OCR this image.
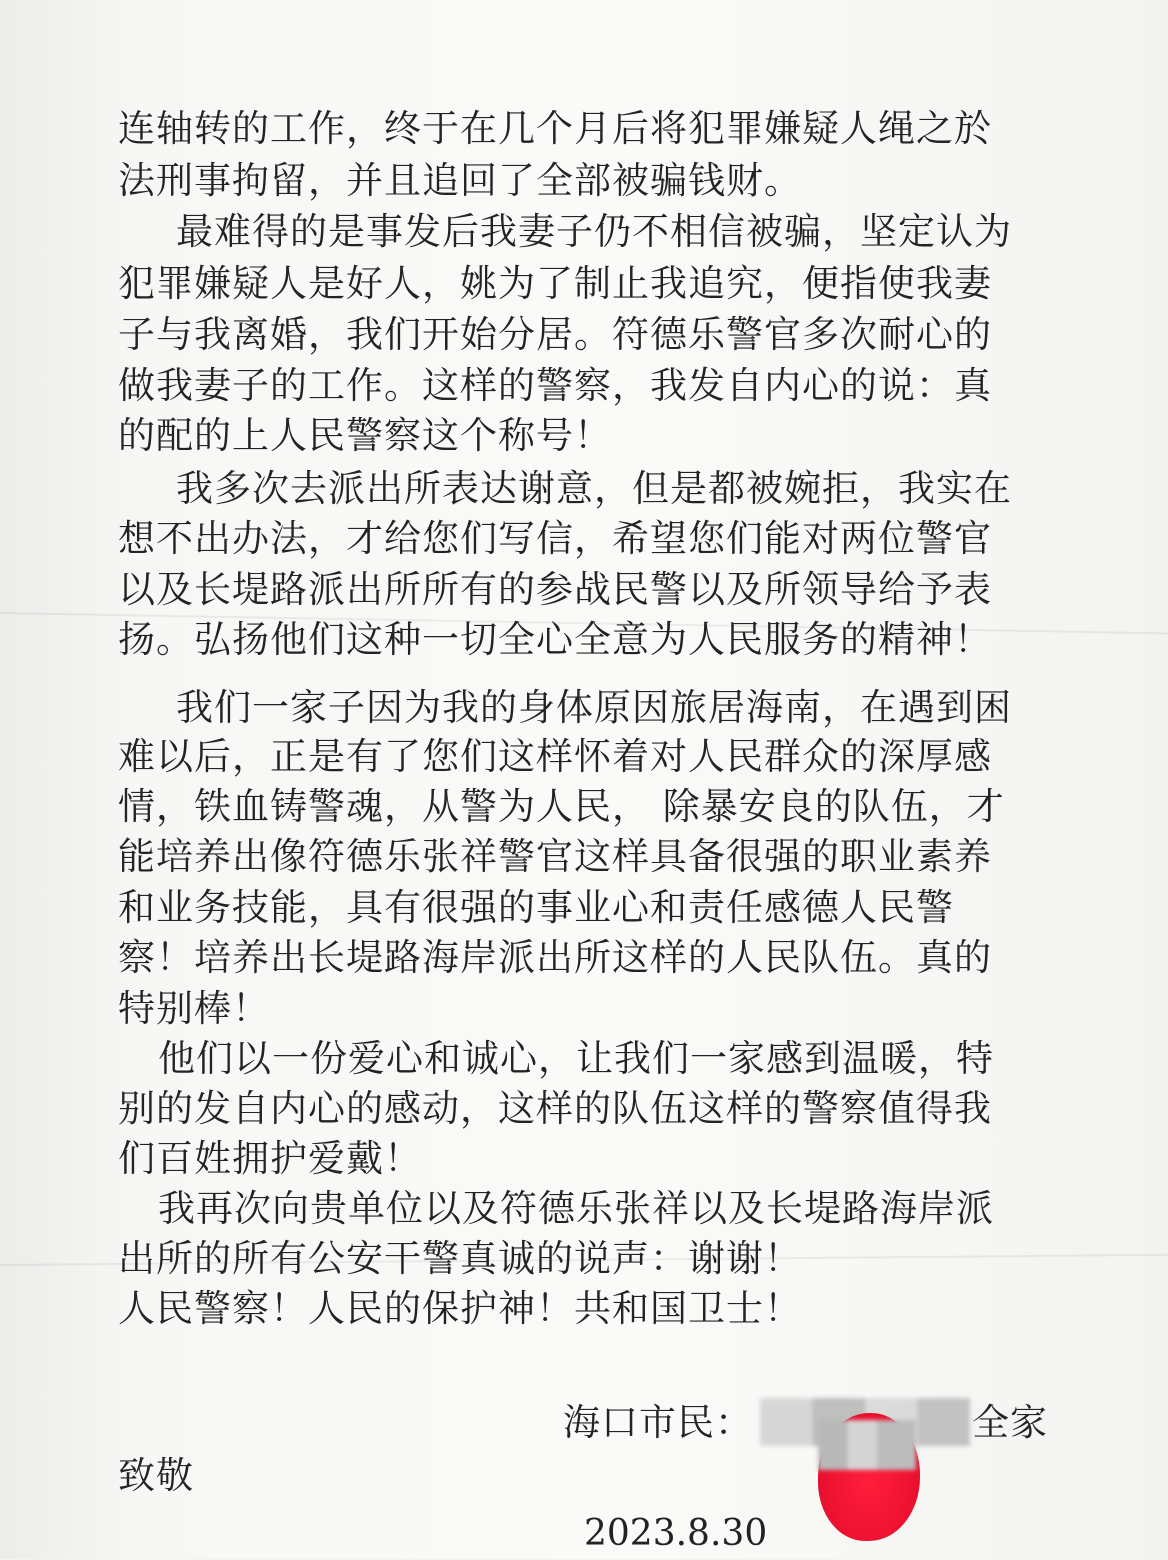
连轴转的工作，终于在几个月后将犯罪嫌疑人绳之於
法刑事拘留，并且追回了全部被骗钱财。
最难得的是事发后我妻子仍不相信被骗，坚定认为
犯罪嫌疑人是好人，姚为了制止我追究，便指使我妻
子与我离婚，我们开始分居。符德乐警官多次耐心的
做我妻子的工作。这样的警察，我发自内心的说：真
的配的上人民警察这个称号！
我多次去派出所表达谢意，但是都被婉拒，我实在
想不出办法，才给您们写信，希望您们能对两位警官
以及长堤路派出所所有的参战民警以及所领导给予表
扬。弘扬他们这种一切全心全意为人民服务的精神！
我们一家子因为我的身体原因旅居海南，在遇到困
难以后，正是有了您们这样怀着对人民群众的深厚感
情，铁血铸警魂，从警为人民， 除暴安良的队伍，才
能培养出像符德乐张祥警官这样具备很强的职业素养
和业务技能，具有很强的事业心和责任感德人民警
察！培养出长堤路海岸派出所这样的人民队伍。真的
特别棒！
他们以一份爱心和诚心，让我们一家感到温暖，特
别的发自内心的感动，这样的队伍这样的警察值得我
们百姓拥护爱戴！
我再次向贵单位以及符德乐张祥以及长堤路海岸派
出所的所有公安干警真诚的说声：谢谢！
人民警察！人民的保护神！共和国卫士！
海口市民：	全家
致敬
2023.8.30
